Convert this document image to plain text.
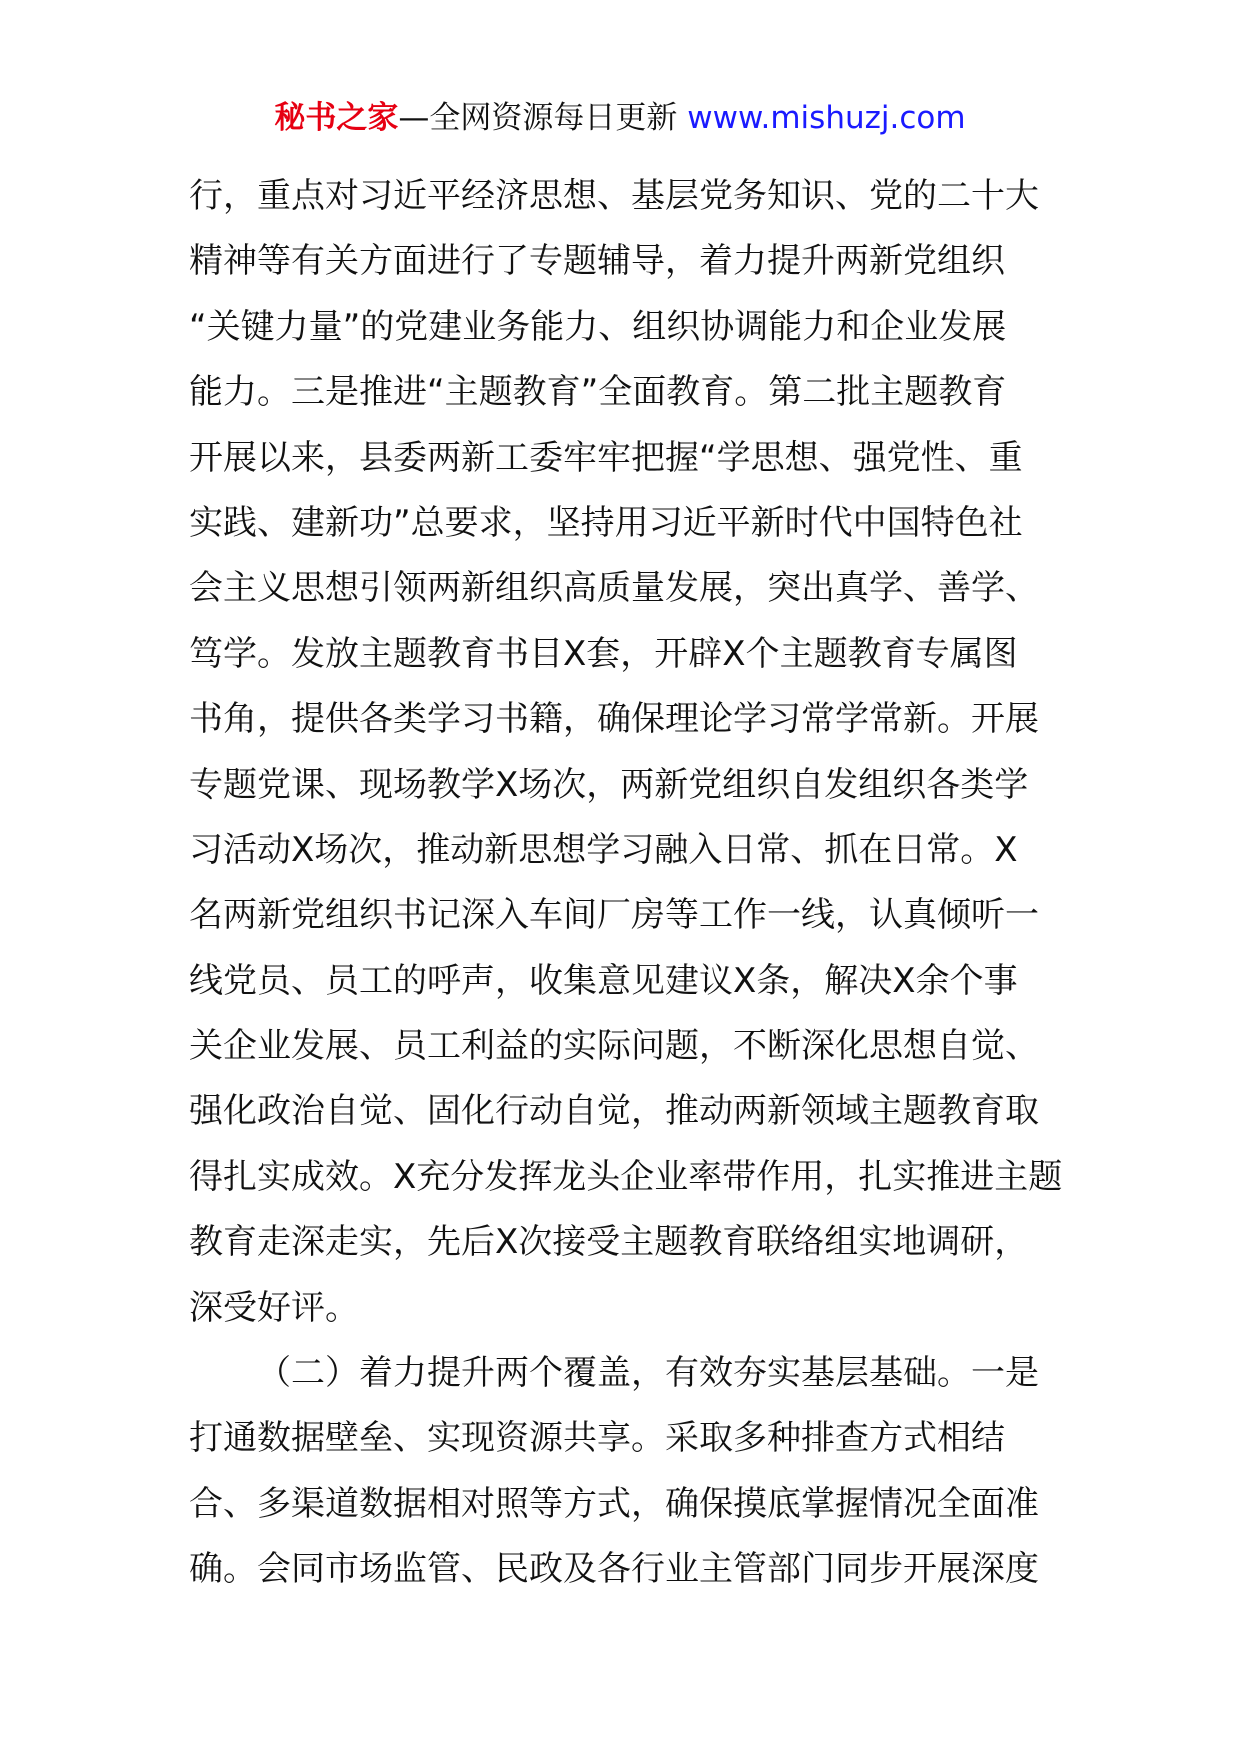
秘书之家—全网资源每日更新 www.mishuzj.com
行，重点对习近平经济思想、基层党务知识、党的二十大
精神等有关方面进行了专题辅导，着力提升两新党组织
“关键力量”的党建业务能力、组织协调能力和企业发展
能力。三是推进“主题教育”全面教育。第二批主题教育
开展以来，县委两新工委牢牢把握“学思想、强党性、重
实践、建新功”总要求，坚持用习近平新时代中国特色社
会主义思想引领两新组织高质量发展，突出真学、善学、
笃学。发放主题教育书目X套，开辟X个主题教育专属图
书角，提供各类学习书籍，确保理论学习常学常新。开展
专题党课、现场教学X场次，两新党组织自发组织各类学
习活动X场次，推动新思想学习融入日常、抓在日常。X
名两新党组织书记深入车间厂房等工作一线，认真倾听一
线党员、员工的呼声，收集意见建议X条，解决X余个事
关企业发展、员工利益的实际问题，不断深化思想自觉、
强化政治自觉、固化行动自觉，推动两新领域主题教育取
得扎实成效。X充分发挥龙头企业率带作用，扎实推进主题
教育走深走实，先后X次接受主题教育联络组实地调研，
深受好评。
（二）着力提升两个覆盖，有效夯实基层基础。一是
打通数据壁垒、实现资源共享。采取多种排查方式相结
合、多渠道数据相对照等方式，确保摸底掌握情况全面准
确。会同市场监管、民政及各行业主管部门同步开展深度
